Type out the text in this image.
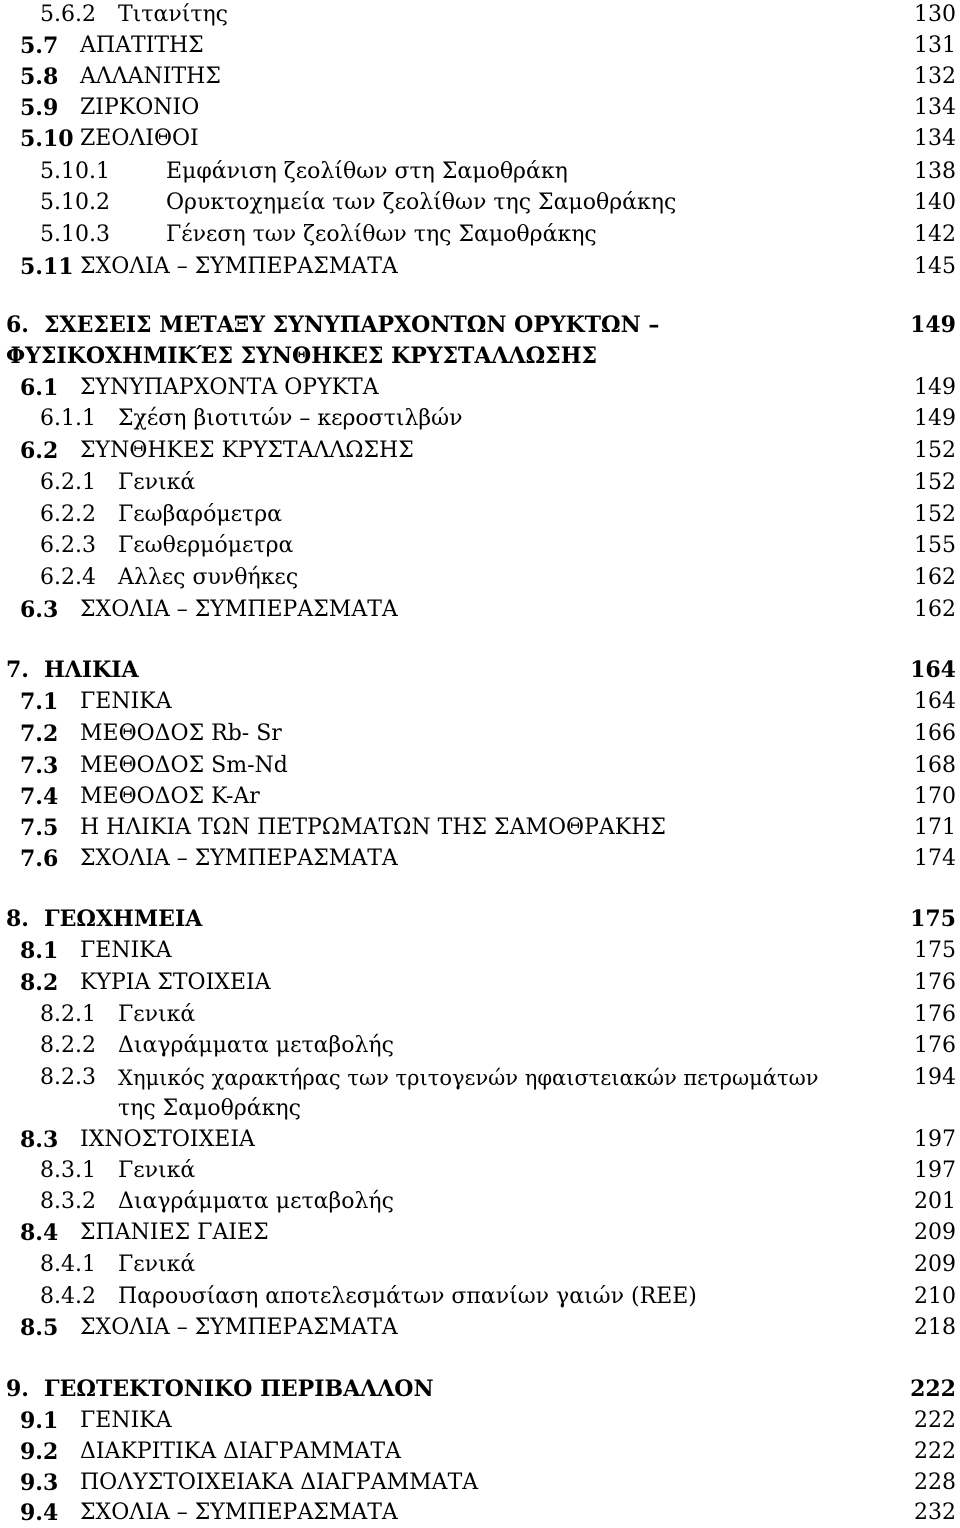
5.6.2 Τιτανίτης	130
5.7 ΑΠΑΤΙΤΗΣ	131
5.8 ΑΛΛΑΝΙΤΗΣ	132
5.9 ΖΙΡΚΟΝΙΟ	134
5.10 ΖΕΟΛΙΘΟΙ	134
5.10.1	Εμφάνιση ζεολίθων στη Σαμοθράκη	138
5.10.2	Ορυκτοχημεία των ζεολίθων της Σαμοθράκης	140
5.10.3	Γένεση των ζεολίθων της Σαμοθράκης	142
5.11 ΣΧΟΛΙΑ – ΣΥΜΠΕΡΑΣΜΑΤΑ	145
6. ΣΧΕΣΕΙΣ ΜΕΤΑΞΥ ΣΥΝΥΠΑΡΧΟΝΤΩΝ ΟΡΥΚΤΩΝ –	149
ΦΥΣΙΚΟΧΗΜΙΚΈΣ ΣΥΝΘΗΚΕΣ ΚΡΥΣΤΑΛΛΩΣΗΣ
6.1 ΣΥΝΥΠΑΡΧΟΝΤΑ ΟΡΥΚΤΑ	149
6.1.1 Σχέση βιοτιτών – κεροστιλβών	149
6.2 ΣΥΝΘΗΚΕΣ ΚΡΥΣΤΑΛΛΩΣΗΣ	152
6.2.1 Γενικά	152
6.2.2 Γεωβαρόμετρα	152
6.2.3 Γεωθερμόμετρα	155
6.2.4 Αλλες συνθήκες	162
6.3 ΣΧΟΛΙΑ – ΣΥΜΠΕΡΑΣΜΑΤΑ	162
7. ΗΛΙΚΙΑ	164
7.1 ΓΕΝΙΚΑ	164
7.2 ΜΕΘΟΔΟΣ Rb- Sr	166
7.3 ΜΕΘΟΔΟΣ Sm-Nd	168
7.4 ΜΕΘΟΔΟΣ K-Ar	170
7.5 Η ΗΛΙΚΙΑ ΤΩΝ ΠΕΤΡΩΜΑΤΩΝ ΤΗΣ ΣΑΜΟΘΡΑΚΗΣ	171
7.6 ΣΧΟΛΙΑ – ΣΥΜΠΕΡΑΣΜΑΤΑ	174
8. ΓΕΩΧΗΜΕΙΑ	175
8.1 ΓΕΝΙΚΑ	175
8.2 ΚΥΡΙΑ ΣΤΟΙΧΕΙΑ	176
8.2.1 Γενικά	176
8.2.2 Διαγράμματα μεταβολής	176
8.2.3 Χημικός χαρακτήρας των τριτογενών ηφαιστειακών πετρωμάτων	194
της Σαμοθράκης
8.3 ΙΧΝΟΣΤΟΙΧΕΙΑ	197
8.3.1 Γενικά	197
8.3.2 Διαγράμματα μεταβολής	201
8.4 ΣΠΑΝΙΕΣ ΓΑΙΕΣ	209
8.4.1 Γενικά	209
8.4.2 Παρουσίαση αποτελεσμάτων σπανίων γαιών (REE)	210
8.5 ΣΧΟΛΙΑ – ΣΥΜΠΕΡΑΣΜΑΤΑ	218
9. ΓΕΩΤΕΚΤΟΝΙΚΟ ΠΕΡΙΒΑΛΛΟΝ	222
9.1 ΓΕΝΙΚΑ	222
9.2 ΔΙΑΚΡΙΤΙΚΑ ΔΙΑΓΡΑΜΜΑΤΑ	222
9.3 ΠΟΛΥΣΤΟΙΧΕΙΑΚΑ ΔΙΑΓΡΑΜΜΑΤΑ	228
9.4 ΣΧΟΛΙΑ – ΣΥΜΠΕΡΑΣΜΑΤΑ	232
